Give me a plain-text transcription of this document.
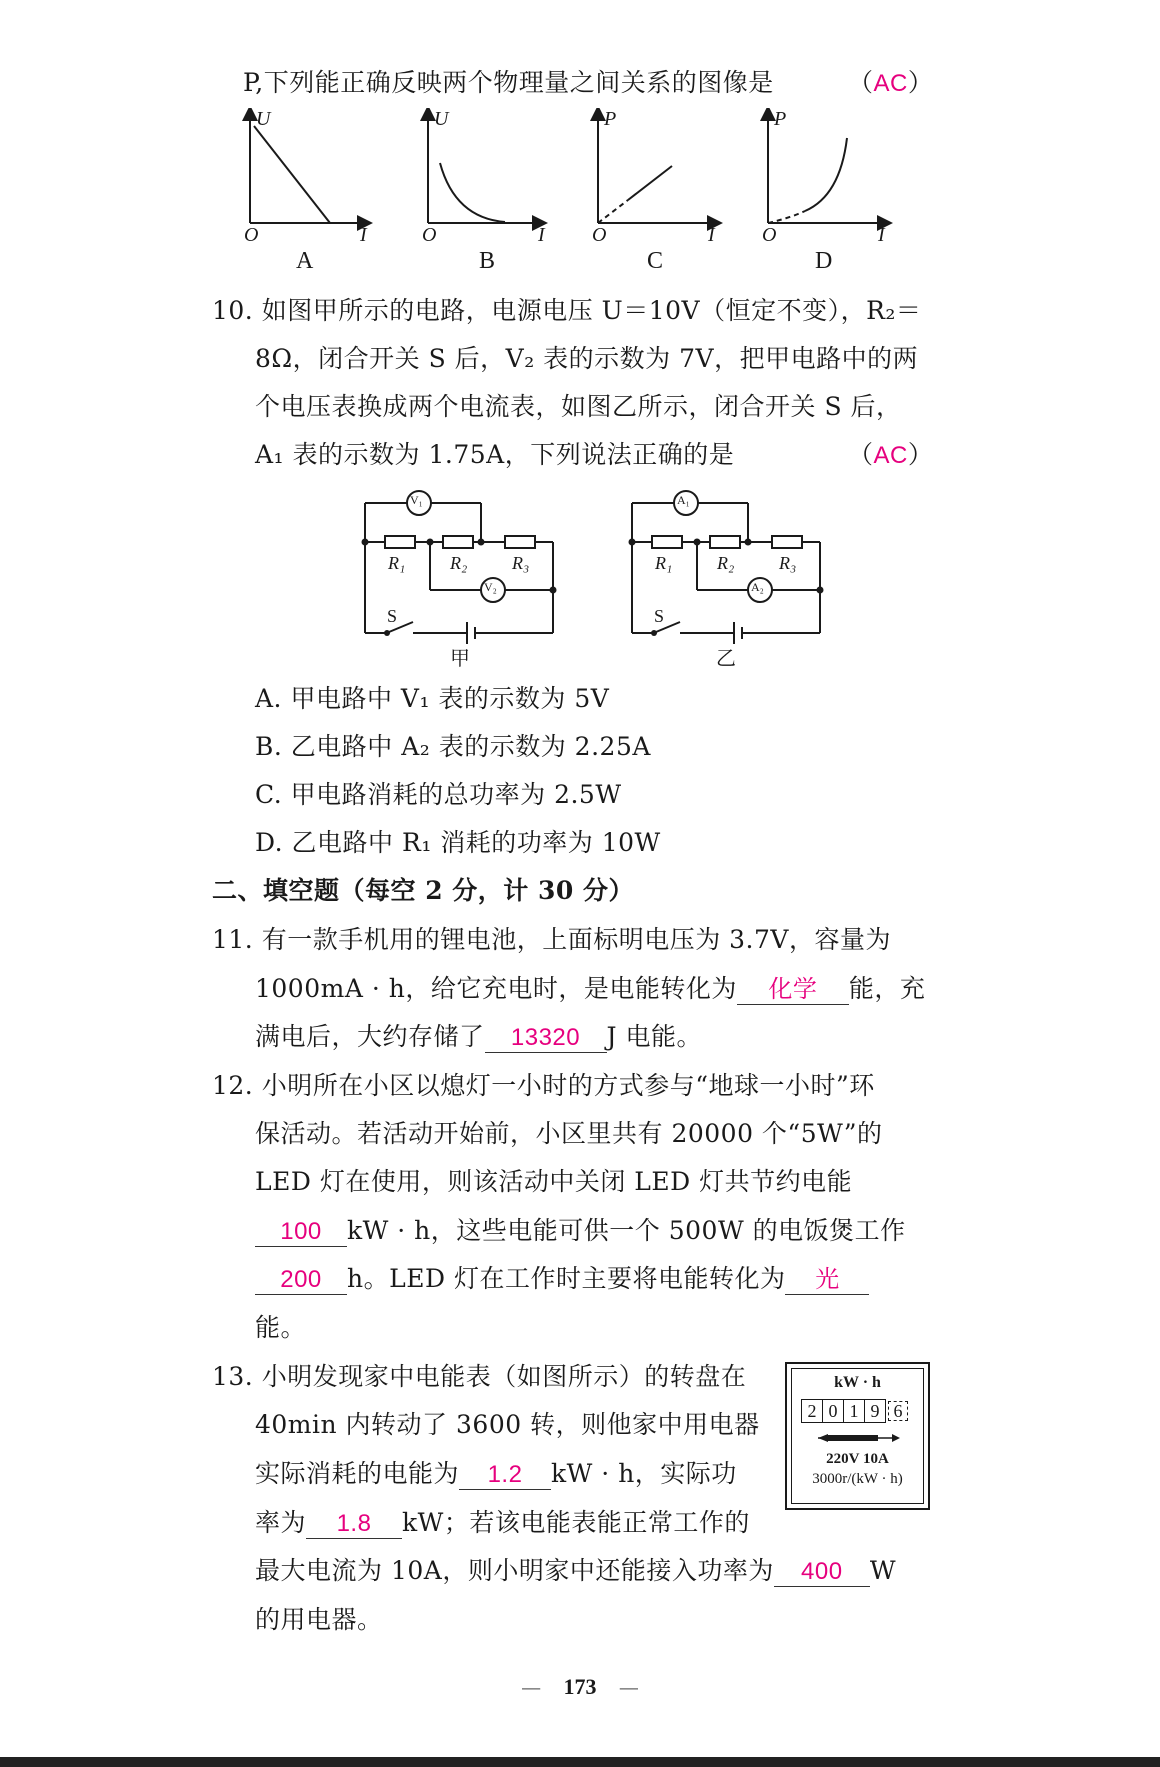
P,下列能正确反映两个物理量之间关系的图像是	（AC）
U
O	I
A
U
O	I
B
P
O	I
C
P
O	I
D
10. 如图甲所示的电路，电源电压 U＝10V（恒定不变），R₂＝
8Ω，闭合开关 S 后，V₂ 表的示数为 7V，把甲电路中的两
个电压表换成两个电流表，如图乙所示，闭合开关 S 后，
A₁ 表的示数为 1.75A，下列说法正确的是	（AC）
V₁
V₂
R₁ R₂ R₃
S
甲
A₁
A₂
R₁ R₂ R₃
S
乙
A. 甲电路中 V₁ 表的示数为 5V
B. 乙电路中 A₂ 表的示数为 2.25A
C. 甲电路消耗的总功率为 2.5W
D. 乙电路中 R₁ 消耗的功率为 10W
二、填空题（每空 2 分，计 30 分）
11. 有一款手机用的锂电池，上面标明电压为 3.7V，容量为
1000mA · h，给它充电时，是电能转化为 化学 能，充
满电后，大约存储了 13320 J 电能。
12. 小明所在小区以熄灯一小时的方式参与“地球一小时”环
保活动。若活动开始前，小区里共有 20000 个“5W”的
LED 灯在使用，则该活动中关闭 LED 灯共节约电能
100 kW · h，这些电能可供一个 500W 的电饭煲工作
200 h。LED 灯在工作时主要将电能转化为 光
能。
13. 小明发现家中电能表（如图所示）的转盘在
40min 内转动了 3600 转，则他家中用电器
实际消耗的电能为 1.2 kW · h，实际功
率为 1.8 kW；若该电能表能正常工作的
最大电流为 10A，则小明家中还能接入功率为 400 W
的用电器。
kW · h
2 0 1 9 6
220V 10A
3000r/(kW · h)
— 173 —
